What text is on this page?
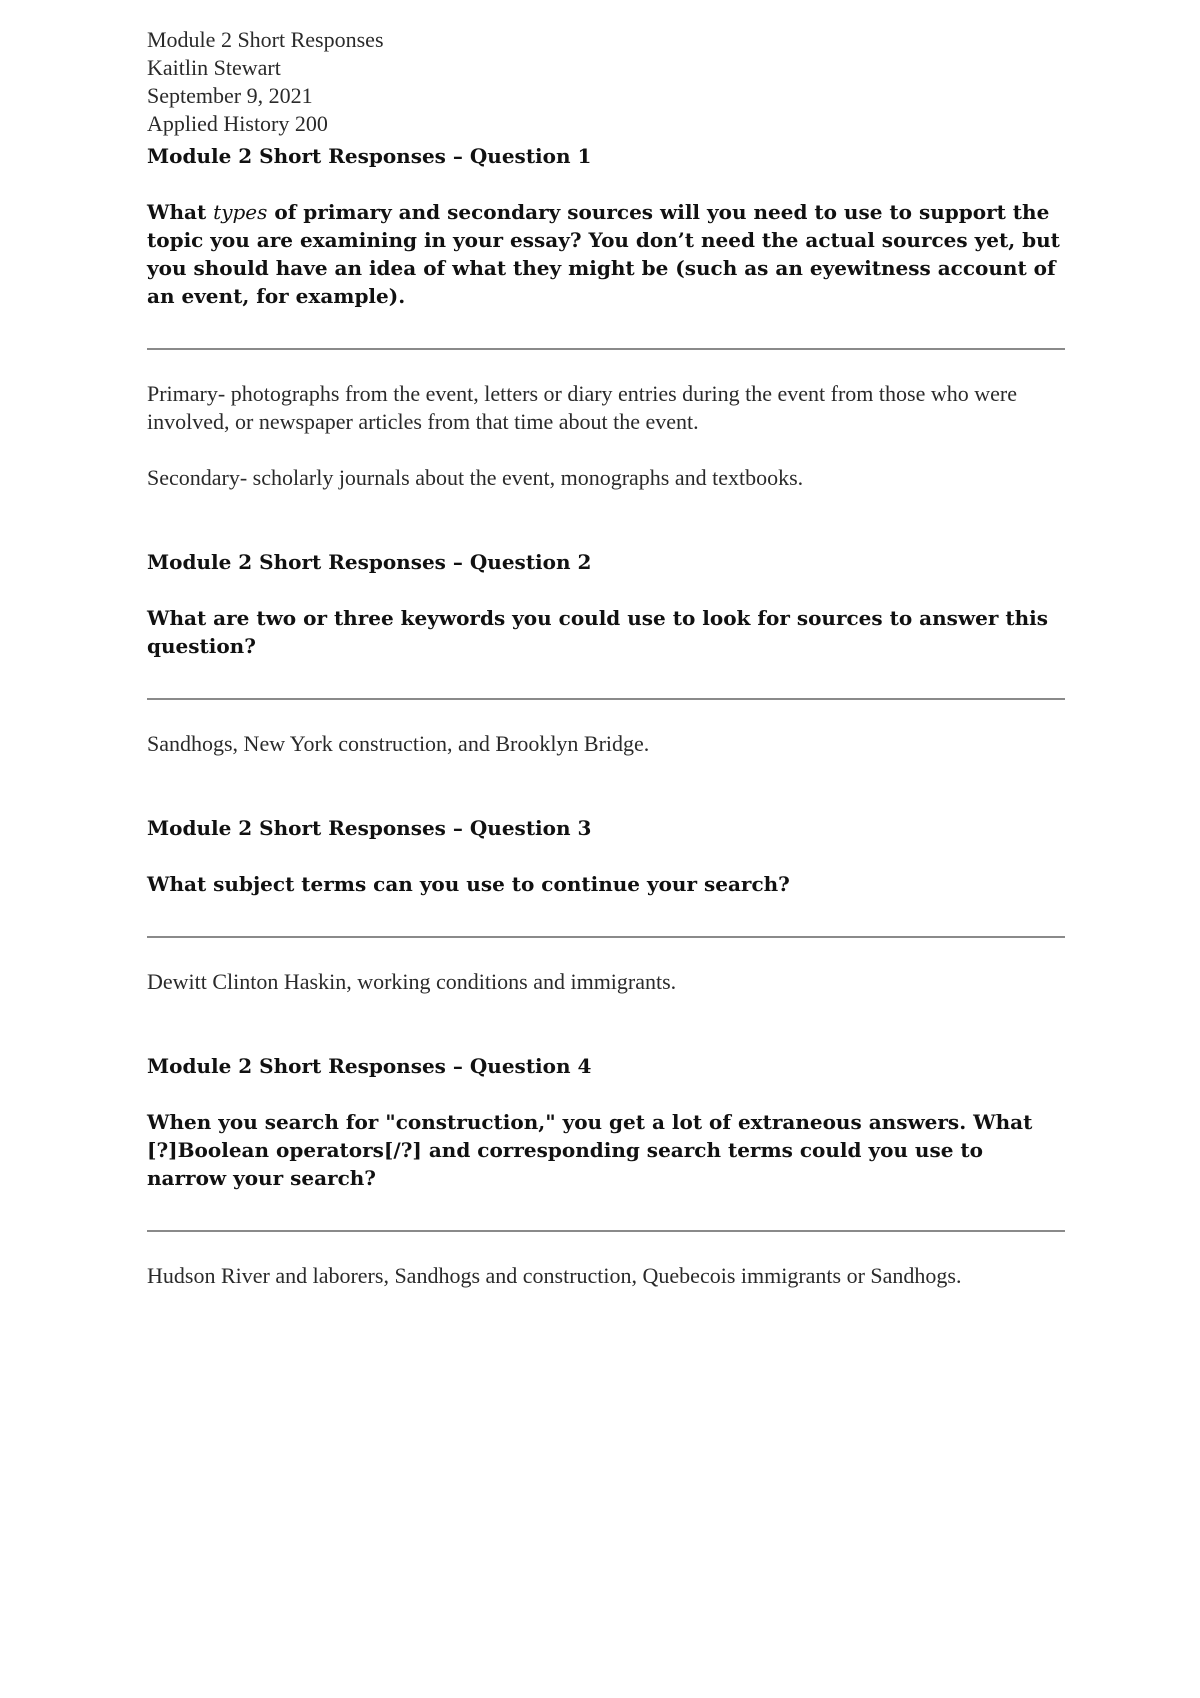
Module 2 Short Responses
Kaitlin Stewart
September 9, 2021
Applied History 200

Module 2 Short Responses – Question 1

What types of primary and secondary sources will you need to use to support the topic you are examining in your essay? You don’t need the actual sources yet, but you should have an idea of what they might be (such as an eyewitness account of an event, for example).

Primary- photographs from the event, letters or diary entries during the event from those who were involved, or newspaper articles from that time about the event.

Secondary- scholarly journals about the event, monographs and textbooks.

Module 2 Short Responses – Question 2

What are two or three keywords you could use to look for sources to answer this question?

Sandhogs, New York construction, and Brooklyn Bridge.

Module 2 Short Responses – Question 3

What subject terms can you use to continue your search?

Dewitt Clinton Haskin, working conditions and immigrants.

Module 2 Short Responses – Question 4

When you search for "construction," you get a lot of extraneous answers. What [?]Boolean operators[/?] and corresponding search terms could you use to narrow your search?

Hudson River and laborers, Sandhogs and construction, Quebecois immigrants or Sandhogs.
